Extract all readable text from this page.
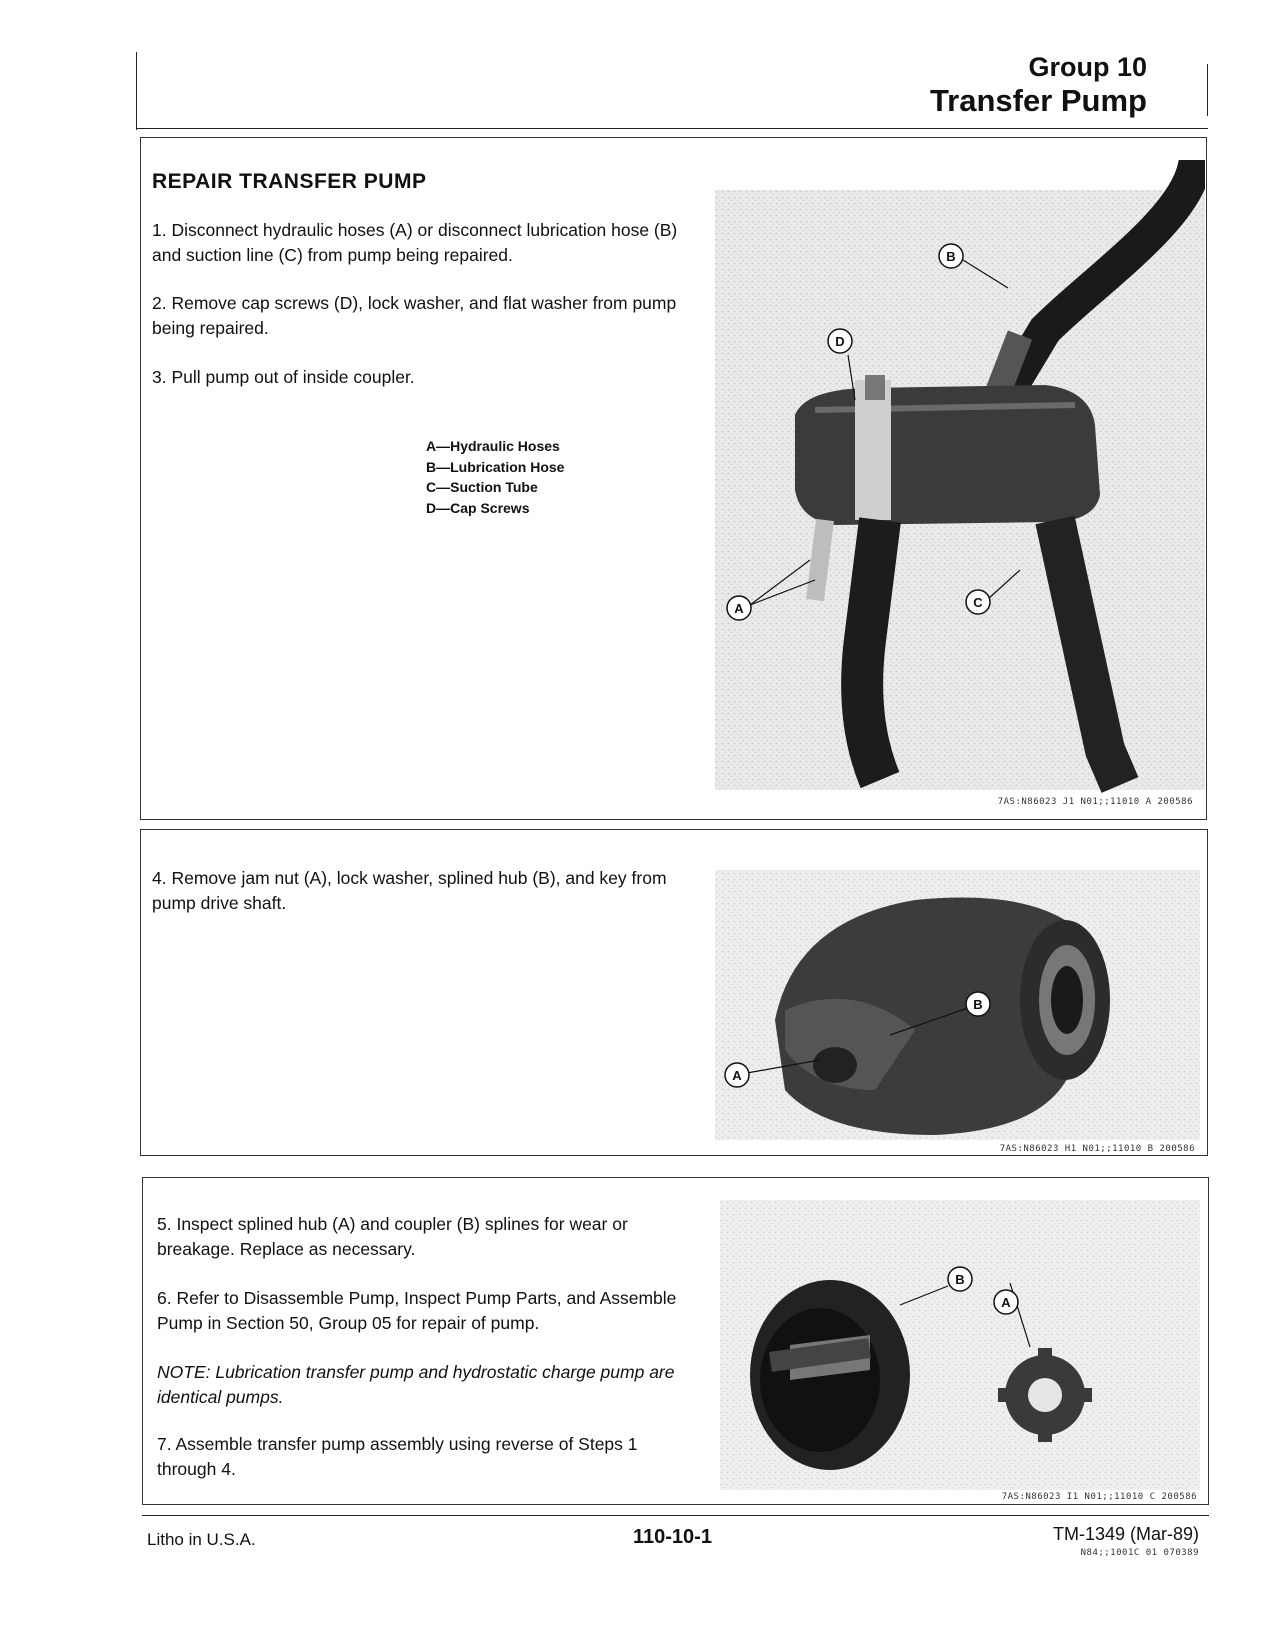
Group 10
Transfer Pump
REPAIR TRANSFER PUMP
1. Disconnect hydraulic hoses (A) or disconnect lubrication hose (B) and suction line (C) from pump being repaired.
2. Remove cap screws (D), lock washer, and flat washer from pump being repaired.
3. Pull pump out of inside coupler.
A—Hydraulic Hoses
B—Lubrication Hose
C—Suction Tube
D—Cap Screws
B
D
A	C
7AS:N86023 J1 N01;;11010 A 200586
4. Remove jam nut (A), lock washer, splined hub (B), and key from pump drive shaft.
A
B
7AS:N86023 H1 N01;;11010 B 200586
5. Inspect splined hub (A) and coupler (B) splines for wear or breakage. Replace as necessary.
6. Refer to Disassemble Pump, Inspect Pump Parts, and Assemble Pump in Section 50, Group 05 for repair of pump.
NOTE: Lubrication transfer pump and hydrostatic charge pump are identical pumps.
7. Assemble transfer pump assembly using reverse of Steps 1 through 4.
B
A
7AS:N86023 I1 N01;;11010 C 200586
Litho in U.S.A.	110-10-1	TM-1349 (Mar-89)
N84;;1001C 01 070389
